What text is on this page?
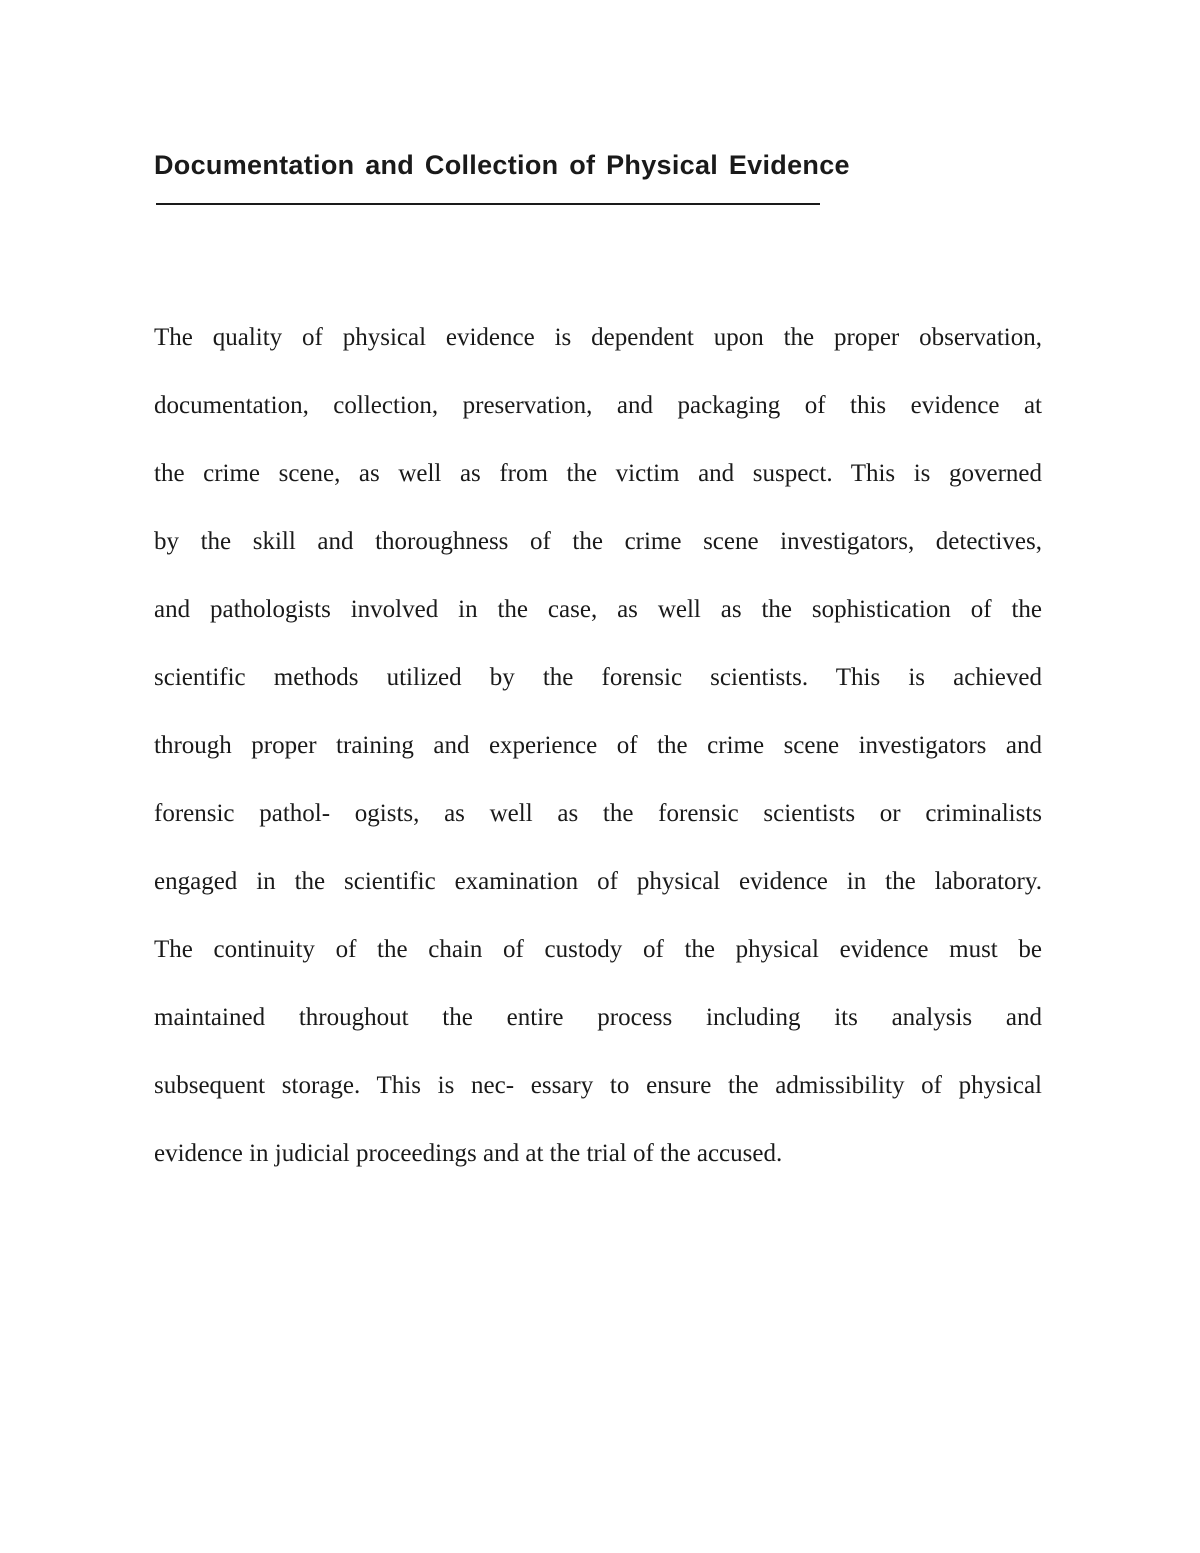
Documentation and Collection of Physical Evidence
The quality of physical evidence is dependent upon the proper observation,
documentation, collection, preservation, and packaging of this evidence at
the crime scene, as well as from the victim and suspect. This is governed
by the skill and thoroughness of the crime scene investigators, detectives,
and pathologists involved in the case, as well as the sophistication of the
scientific methods utilized by the forensic scientists. This is achieved
through proper training and experience of the crime scene investigators and
forensic pathol- ogists, as well as the forensic scientists or criminalists
engaged in the scientific examination of physical evidence in the laboratory.
The continuity of the chain of custody of the physical evidence must be
maintained throughout the entire process including its analysis and
subsequent storage. This is nec- essary to ensure the admissibility of physical
evidence in judicial proceedings and at the trial of the accused.
